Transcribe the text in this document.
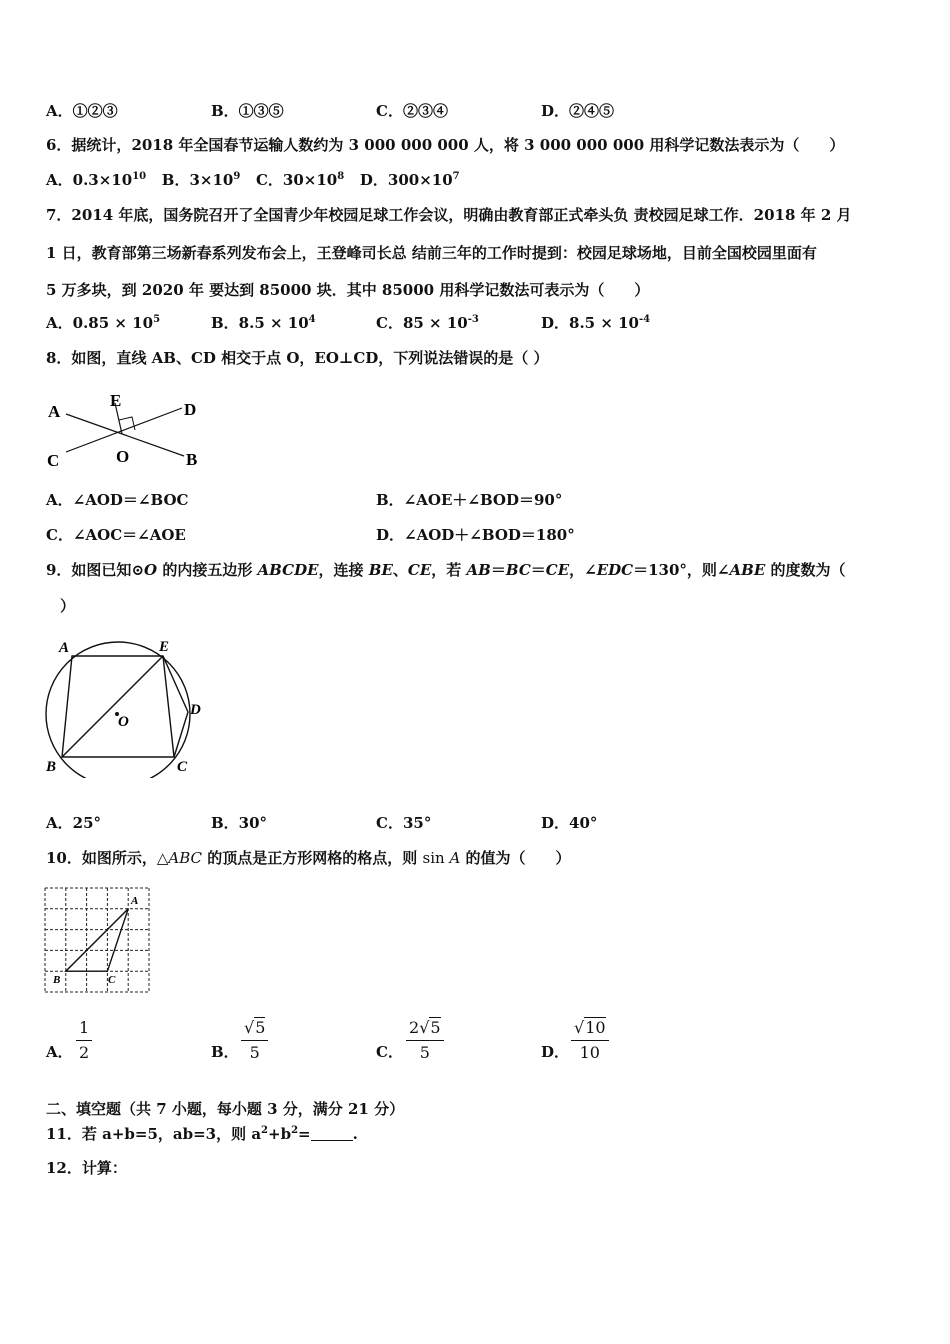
A．①②③	B．①③⑤	C．②③④	D．②④⑤
6．据统计，2018 年全国春节运输人数约为 3 000 000 000 人，将 3 000 000 000 用科学记数法表示为（　　）
A．$0.3\times 10^{10}$ B．$3\times 10^9$ C．$30\times 10^8$ D．$300\times 10^7$
7．2014 年底，国务院召开了全国青少年校园足球工作会议，明确由教育部正式牵头负 责校园足球工作．2018 年 2 月
1 日，教育部第三场新春系列发布会上，王登峰司长总 结前三年的工作时提到：校园足球场地，目前全国校园里面有
5 万多块，到 2020 年 要达到 85000 块．其中 85000 用科学记数法可表示为（　　）
A．$0.85 \times 10^5$	B．$8.5 \times 10^4$	C．$85 \times 10^{-3}$	D．$8.5 \times 10^{-4}$
8．如图，直线 AB、CD 相交于点 O，EO⊥CD，下列说法错误的是（ ）
A
B
C
D
E
O
A．∠AOD＝∠BOC	B．∠AOE＋∠BOD＝90°
C．∠AOC＝∠AOE	D．∠AOD＋∠BOD＝180°
9．如图已知⊙O 的内接五边形 ABCDE，连接 BE、CE，若 AB＝BC＝CE，∠EDC＝130°，则∠ABE 的度数为（
）
A	E
D
C
B
O
A．25°	B．30°	C．35°	D．40°
10．如图所示，△ABC 的顶点是正方形网格的格点，则 sin A 的值为（　　）
A
B	C
A．
1
2	B．
√5
5	C．
2√5
5	D．
√10
10
二、填空题（共 7 小题，每小题 3 分，满分 21 分）
11．若 a+b=5，ab=3，则 $a^2+b^2=$	.
12．计算：
